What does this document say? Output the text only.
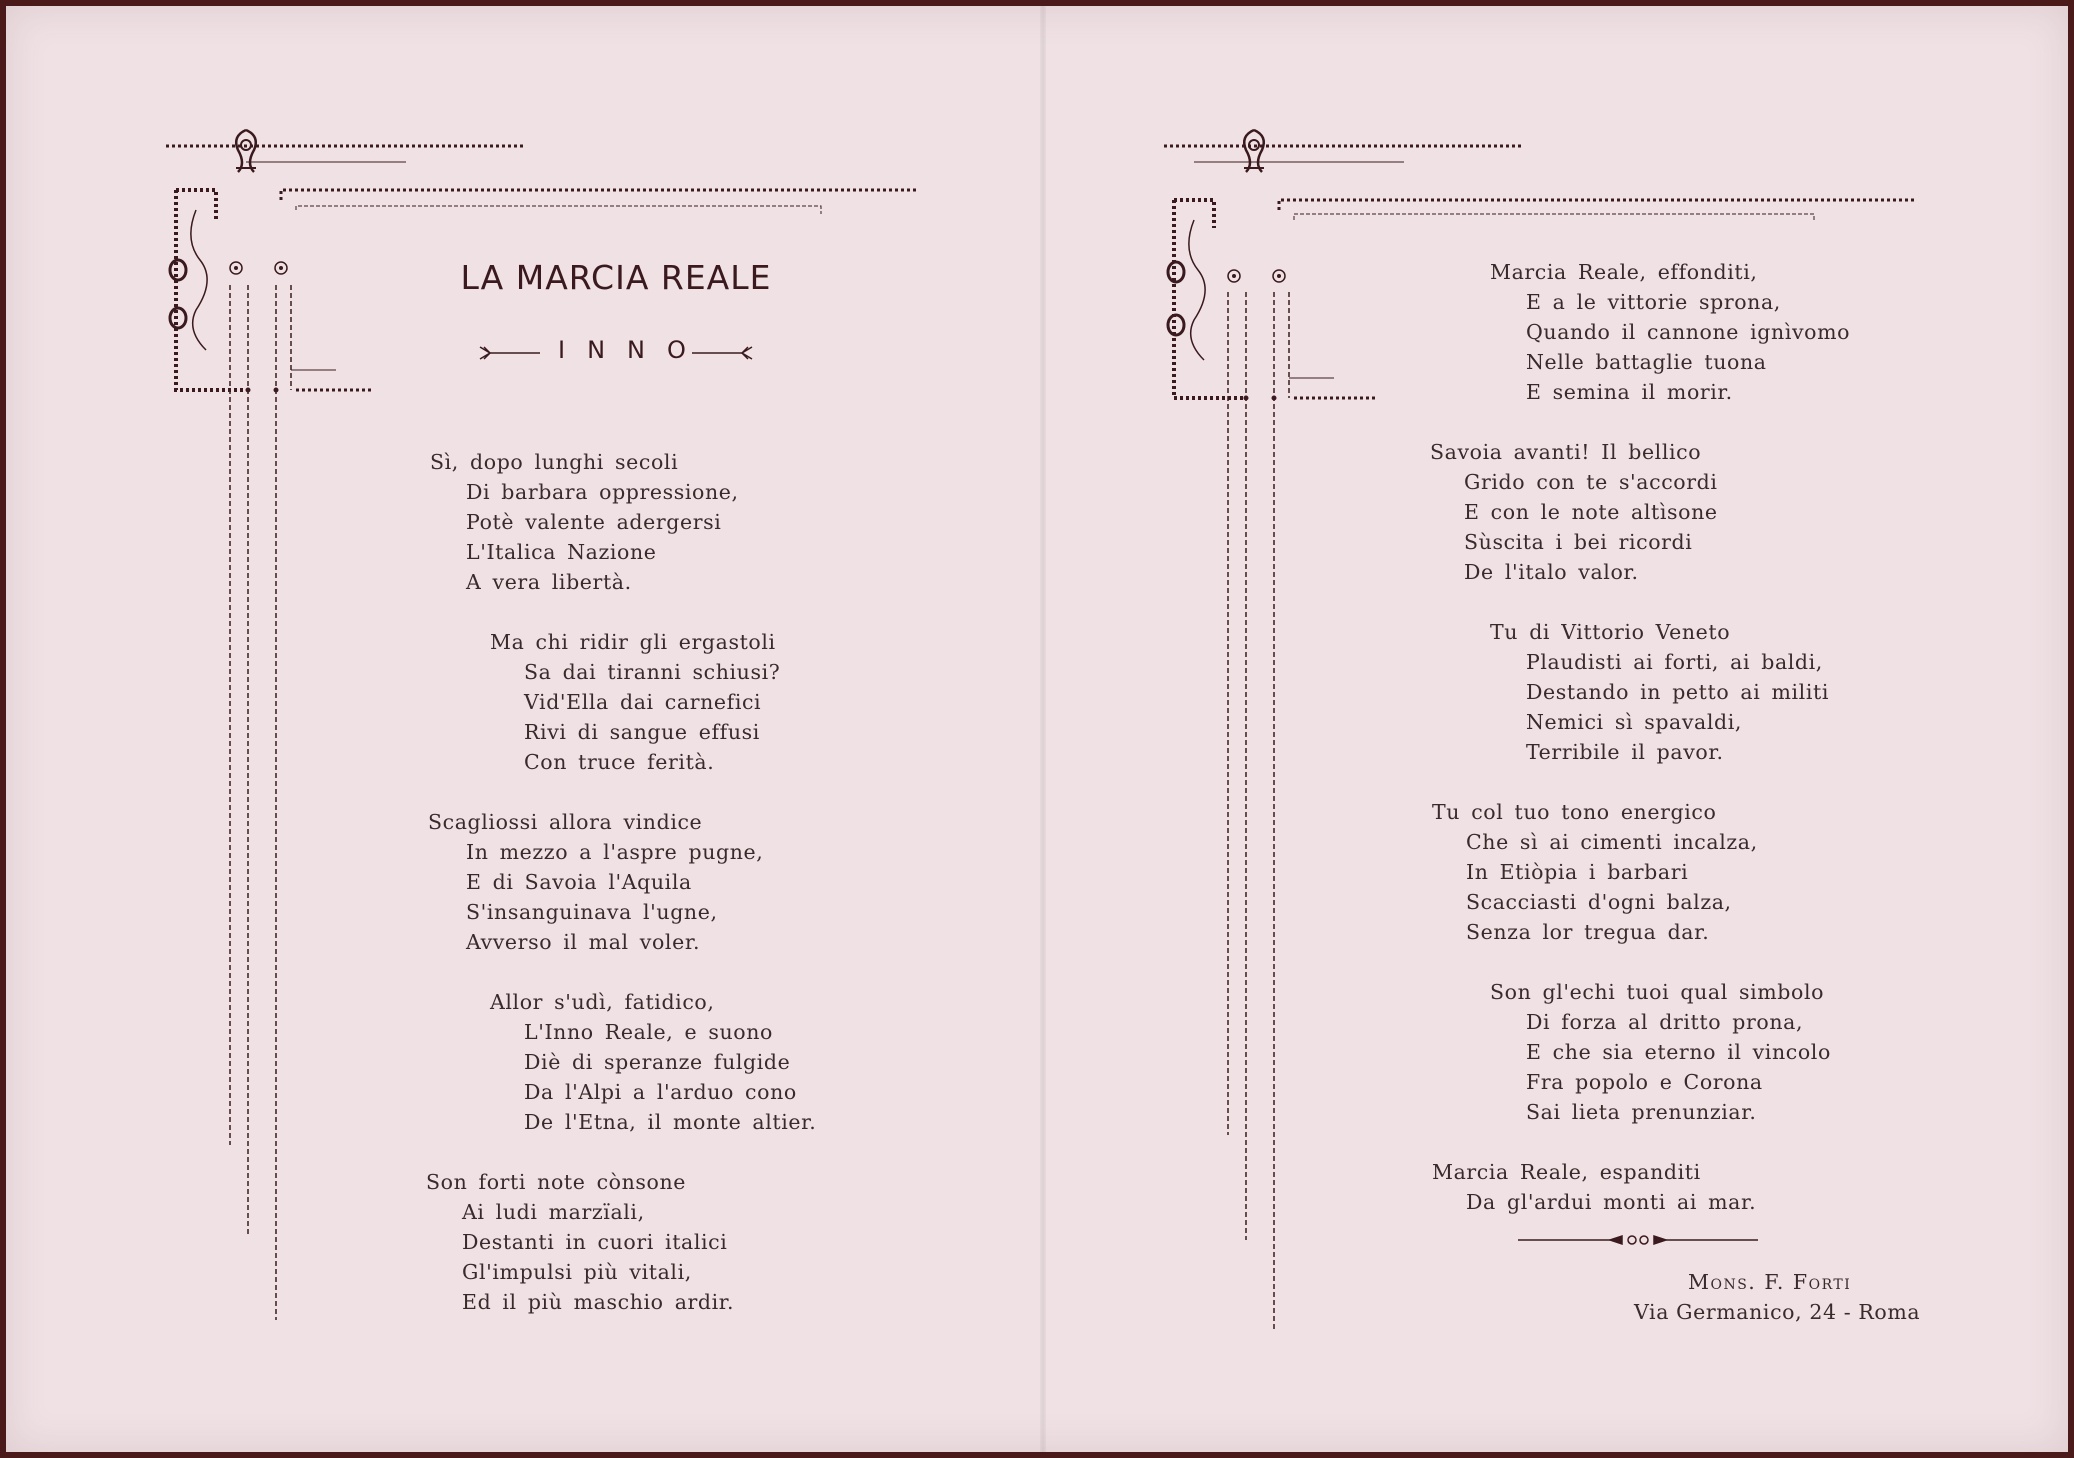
LA MARCIA REALE
INNO
Sì, dopo lunghi secoli
Di barbara oppressione,
Potè valente adergersi
L'Italica Nazione
A vera libertà.
Ma chi ridir gli ergastoli
Sa dai tiranni schiusi?
Vid'Ella dai carnefici
Rivi di sangue effusi
Con truce ferità.
Scagliossi allora vindice
In mezzo a l'aspre pugne,
E di Savoia l'Aquila
S'insanguinava l'ugne,
Avverso il mal voler.
Allor s'udì, fatidico,
L'Inno Reale, e suono
Diè di speranze fulgide
Da l'Alpi a l'arduo cono
De l'Etna, il monte altier.
Son forti note cònsone
Ai ludi marzïali,
Destanti in cuori italici
Gl'impulsi più vitali,
Ed il più maschio ardir.
Marcia Reale, effonditi,
E a le vittorie sprona,
Quando il cannone ignìvomo
Nelle battaglie tuona
E semina il morir.
Savoia avanti! Il bellico
Grido con te s'accordi
E con le note altìsone
Sùscita i bei ricordi
De l'italo valor.
Tu di Vittorio Veneto
Plaudisti ai forti, ai baldi,
Destando in petto ai militi
Nemici sì spavaldi,
Terribile il pavor.
Tu col tuo tono energico
Che sì ai cimenti incalza,
In Etiòpia i barbari
Scacciasti d'ogni balza,
Senza lor tregua dar.
Son gl'echi tuoi qual simbolo
Di forza al dritto prona,
E che sia eterno il vincolo
Fra popolo e Corona
Sai lieta prenunziar.
Marcia Reale, espanditi
Da gl'ardui monti ai mar.
Mons. F. Forti
Via Germanico, 24 - Roma
